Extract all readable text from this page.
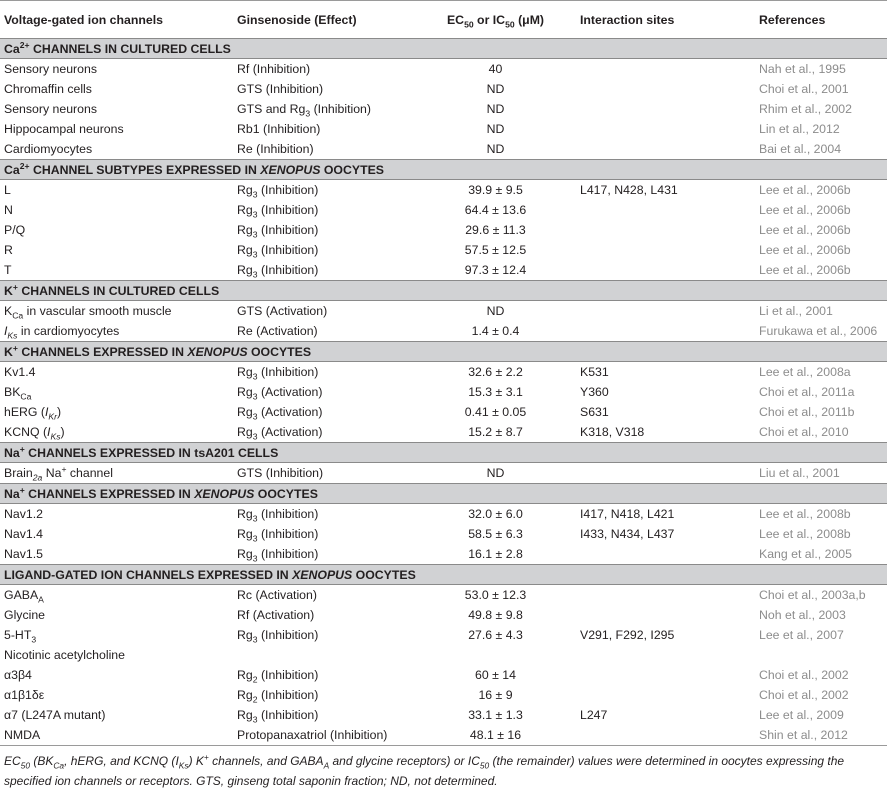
Voltage-gated ion channels	Ginsenoside (Effect)	$EC_{50}$ or $IC_{50}$ (μM)	Interaction sites	References
$Ca^{2+}$ CHANNELS IN CULTURED CELLS				
Sensory neurons	Rf (Inhibition)	40		Nah et al., 1995
Chromaffin cells	GTS (Inhibition)	ND		Choi et al., 2001
Sensory neurons	GTS and $Rg_3$ (Inhibition)	ND		Rhim et al., 2002
Hippocampal neurons	Rb1 (Inhibition)	ND		Lin et al., 2012
Cardiomyocytes	Re (Inhibition)	ND		Bai et al., 2004
$Ca^{2+}$ CHANNEL SUBTYPES EXPRESSED IN XENOPUS OOCYTES				
L	$Rg_3$ (Inhibition)	39.9 ± 9.5	L417, N428, L431	Lee et al., 2006b
N	$Rg_3$ (Inhibition)	64.4 ± 13.6		Lee et al., 2006b
P/Q	$Rg_3$ (Inhibition)	29.6 ± 11.3		Lee et al., 2006b
R	$Rg_3$ (Inhibition)	57.5 ± 12.5		Lee et al., 2006b
T	$Rg_3$ (Inhibition)	97.3 ± 12.4		Lee et al., 2006b
K+ CHANNELS IN CULTURED CELLS				
$K_{Ca}$ in vascular smooth muscle	GTS (Activation)	ND		Li et al., 2001
$I_{Ks}$ in cardiomyocytes	Re (Activation)	1.4 ± 0.4		Furukawa et al., 2006
K+ CHANNELS EXPRESSED IN XENOPUS OOCYTES				
Kv1.4	$Rg_3$ (Inhibition)	32.6 ± 2.2	K531	Lee et al., 2008a
$BK_{Ca}$	$Rg_3$ (Activation)	15.3 ± 3.1	Y360	Choi et al., 2011a
hERG $(I_{Kr})$	$Rg_3$ (Activation)	0.41 ± 0.05	S631	Choi et al., 2011b
KCNQ $(I_{Ks})$	$Rg_3$ (Activation)	15.2 ± 8.7	K318, V318	Choi et al., 2010
Na+ CHANNELS EXPRESSED IN tsA201 CELLS				
Brain$_{2a}$ Na+ channel	GTS (Inhibition)	ND		Liu et al., 2001
Na+ CHANNELS EXPRESSED IN XENOPUS OOCYTES				
Nav1.2	$Rg_3$ (Inhibition)	32.0 ± 6.0	I417, N418, L421	Lee et al., 2008b
Nav1.4	$Rg_3$ (Inhibition)	58.5 ± 6.3	I433, N434, L437	Lee et al., 2008b
Nav1.5	$Rg_3$ (Inhibition)	16.1 ± 2.8		Kang et al., 2005
LIGAND-GATED ION CHANNELS EXPRESSED IN XENOPUS OOCYTES				
$GABA_A$	Rc (Activation)	53.0 ± 12.3		Choi et al., 2003a,b
Glycine	Rf (Activation)	49.8 ± 9.8		Noh et al., 2003
$5-HT_3$	$Rg_3$ (Inhibition)	27.6 ± 4.3	V291, F292, I295	Lee et al., 2007
Nicotinic acetylcholine				
α3β4	$Rg_2$ (Inhibition)	60 ± 14		Choi et al., 2002
α1β1δε	$Rg_2$ (Inhibition)	16 ± 9		Choi et al., 2002
α7 (L247A mutant)	$Rg_3$ (Inhibition)	33.1 ± 1.3	L247	Lee et al., 2009
NMDA	Protopanaxatriol (Inhibition)	48.1 ± 16		Shin et al., 2012
$EC_{50}$ ($BK_{Ca}$, hERG, and KCNQ $(I_{Ks})$ K+ channels, and $GABA_A$ and glycine receptors) or $IC_{50}$ (the remainder) values were determined in oocytes expressing the specified ion channels or receptors. GTS, ginseng total saponin fraction; ND, not determined.
